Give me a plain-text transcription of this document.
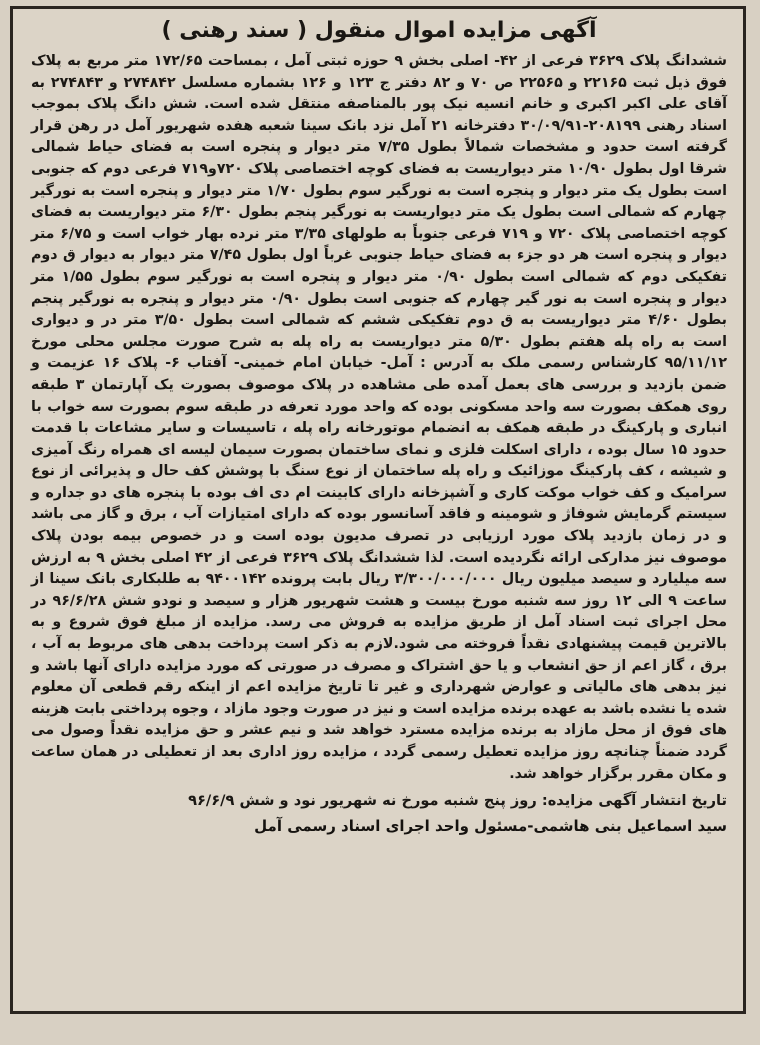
آگهی مزایده اموال منقول ( سند رهنی )

ششدانگ پلاک ۳۶۲۹ فرعی از ۴۲- اصلی بخش ۹ حوزه ثبتی آمل ، بمساحت ۱۷۲/۶۵ متر مربع به پلاک فوق ذیل ثبت ۲۲۱۶۵ و ۲۲۵۶۵ ص ۷۰ و ۸۲ دفتر ج ۱۲۳ و ۱۲۶ بشماره مسلسل ۲۷۴۸۴۲ و ۲۷۴۸۴۳ به آقای علی اکبر اکبری و خانم انسیه نیک پور بالمناصفه منتقل شده است. شش دانگ پلاک بموجب اسناد رهنی ۲۰۸۱۹۹-۳۰/۰۹/۹۱ دفترخانه ۲۱ آمل نزد بانک سینا شعبه هفده شهریور آمل در رهن قرار گرفته است حدود و مشخصات شمالاً بطول ۷/۳۵ متر دیوار و پنجره است به فضای حیاط شمالی شرقا اول بطول ۱۰/۹۰ متر دیواریست به فضای کوچه اختصاصی پلاک ۷۲۰و۷۱۹ فرعی دوم که جنوبی است بطول یک متر دیوار و پنجره است به نورگیر سوم بطول ۱/۷۰ متر دیوار و پنجره است به نورگیر چهارم که شمالی است بطول یک متر دیواریست به نورگیر پنجم بطول ۶/۳۰ متر دیواریست به فضای کوچه اختصاصی پلاک ۷۲۰ و ۷۱۹ فرعی جنوباً به طولهای ۳/۳۵ متر نرده بهار خواب است و ۶/۷۵ متر دیوار و پنجره است هر دو جزء به فضای حیاط جنوبی غرباً اول بطول ۷/۴۵ متر دیوار به دیوار ق دوم تفکیکی دوم که شمالی است بطول ۰/۹۰ متر دیوار و پنجره است به نورگیر سوم بطول ۱/۵۵ متر دیوار و پنجره است به نور گیر چهارم که جنوبی است بطول ۰/۹۰ متر دیوار و پنجره به نورگیر پنجم بطول ۴/۶۰ متر دیواریست به ق دوم تفکیکی ششم که شمالی است بطول ۳/۵۰ متر در و دیواری است به راه پله هفتم بطول ۵/۳۰ متر دیواریست به راه پله به شرح صورت مجلس محلی مورخ ۹۵/۱۱/۱۲ کارشناس رسمی ملک به آدرس : آمل- خیابان امام خمینی- آفتاب ۶- پلاک ۱۶ عزیمت و ضمن بازدید و بررسی های بعمل آمده طی مشاهده در پلاک موصوف بصورت یک آپارتمان ۳ طبقه روی همکف بصورت سه واحد مسکونی بوده که واحد مورد تعرفه در طبقه سوم بصورت سه خواب با انباری و پارکینگ در طبقه همکف به انضمام موتورخانه راه پله ، تاسیسات و سایر مشاعات با قدمت حدود ۱۵ سال بوده ، دارای اسکلت فلزی و نمای ساختمان بصورت سیمان لیسه ای همراه رنگ آمیزی و شیشه ، کف پارکینگ موزائیک و راه پله ساختمان از نوع سنگ با پوشش کف حال و پذیرائی از نوع سرامیک و کف خواب موکت کاری و آشپزخانه دارای کابینت ام دی اف بوده با پنجره های دو جداره و سیستم گرمایش شوفاژ و شومینه و فاقد آسانسور بوده که دارای امتیازات آب ، برق و گاز می باشد و در زمان بازدید پلاک مورد ارزیابی در تصرف مدیون بوده است و در خصوص بیمه بودن پلاک موصوف نیز مدارکی ارائه نگردیده است. لذا ششدانگ پلاک ۳۶۲۹ فرعی از ۴۲ اصلی بخش ۹ به ارزش سه میلیارد و سیصد میلیون ریال ۳/۳۰۰/۰۰۰/۰۰۰ ریال بابت پرونده ۹۴۰۰۱۴۲ به طلبکاری بانک سینا از ساعت ۹ الی ۱۲ روز سه شنبه مورخ بیست و هشت شهریور هزار و سیصد و نودو شش ۹۶/۶/۲۸ در محل اجرای ثبت اسناد آمل از طریق مزایده به فروش می رسد. مزایده از مبلغ فوق شروع و به بالاترین قیمت پیشنهادی نقداً فروخته می شود.لازم به ذکر است پرداخت بدهی های مربوط به آب ، برق ، گاز اعم از حق انشعاب و یا حق اشتراک و مصرف در صورتی که مورد مزایده دارای آنها باشد و نیز بدهی های مالیاتی و عوارض شهرداری و غیر تا تاریخ مزایده اعم از اینکه رقم قطعی آن معلوم شده یا نشده باشد به عهده برنده مزایده است و نیز در صورت وجود مازاد ، وجوه پرداختی بابت هزینه های فوق از محل مازاد به برنده مزایده مسترد خواهد شد و نیم عشر و حق مزایده نقداً وصول می گردد ضمناً چنانچه روز مزایده تعطیل رسمی گردد ، مزایده روز اداری بعد از تعطیلی در همان ساعت و مکان مقرر برگزار خواهد شد.

تاریخ انتشار آگهی مزایده: روز پنج شنبه مورخ نه شهریور نود و شش ۹۶/۶/۹

سید اسماعیل بنی هاشمی-مسئول واحد اجرای اسناد رسمی آمل
